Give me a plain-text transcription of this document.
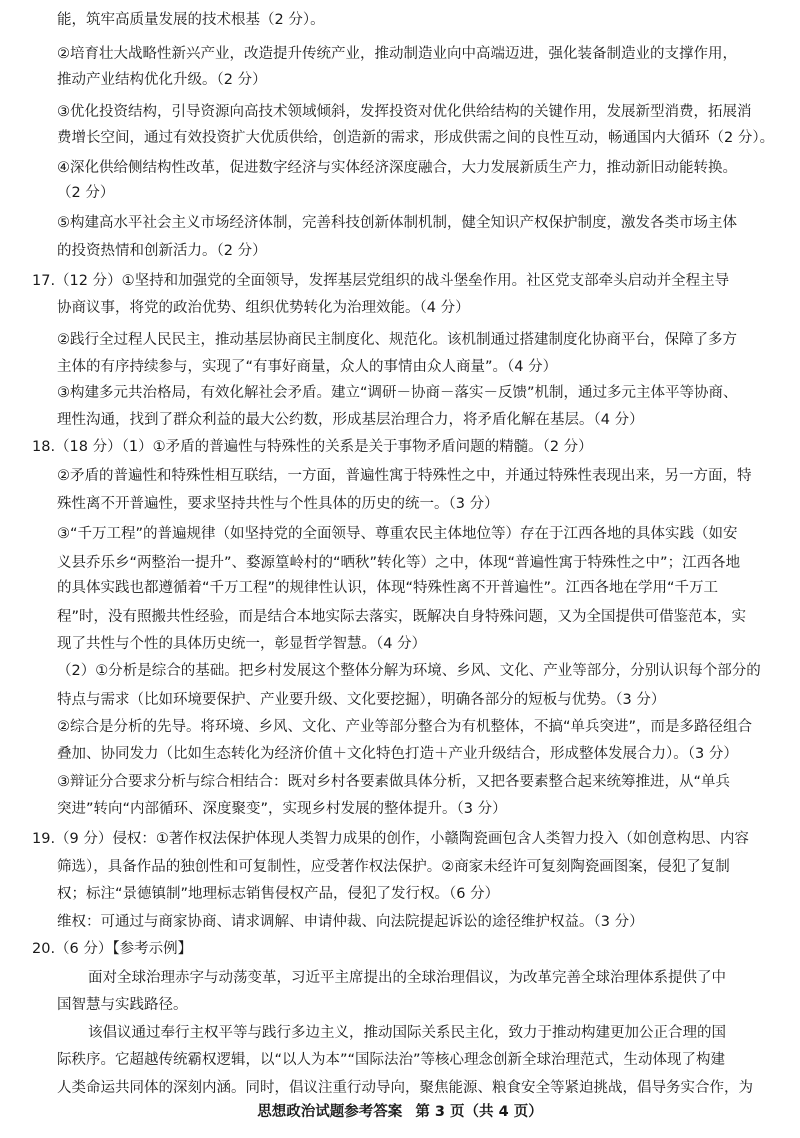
能，筑牢高质量发展的技术根基（2 分）。
②培育壮大战略性新兴产业，改造提升传统产业，推动制造业向中高端迈进，强化装备制造业的支撑作用，
推动产业结构优化升级。（2 分）
③优化投资结构，引导资源向高技术领域倾斜，发挥投资对优化供给结构的关键作用，发展新型消费，拓展消
费增长空间，通过有效投资扩大优质供给，创造新的需求，形成供需之间的良性互动，畅通国内大循环（2 分）。
④深化供给侧结构性改革，促进数字经济与实体经济深度融合，大力发展新质生产力，推动新旧动能转换。
（2 分）
⑤构建高水平社会主义市场经济体制，完善科技创新体制机制，健全知识产权保护制度，激发各类市场主体
的投资热情和创新活力。（2 分）
17.（12 分）①坚持和加强党的全面领导，发挥基层党组织的战斗堡垒作用。社区党支部牵头启动并全程主导
协商议事，将党的政治优势、组织优势转化为治理效能。（4 分）
②践行全过程人民民主，推动基层协商民主制度化、规范化。该机制通过搭建制度化协商平台，保障了多方
主体的有序持续参与，实现了“有事好商量，众人的事情由众人商量”。（4 分）
③构建多元共治格局，有效化解社会矛盾。建立“调研－协商－落实－反馈”机制，通过多元主体平等协商、
理性沟通，找到了群众利益的最大公约数，形成基层治理合力，将矛盾化解在基层。（4 分）
18.（18 分）（1）①矛盾的普遍性与特殊性的关系是关于事物矛盾问题的精髓。（2 分）
②矛盾的普遍性和特殊性相互联结，一方面，普遍性寓于特殊性之中，并通过特殊性表现出来，另一方面，特
殊性离不开普遍性，要求坚持共性与个性具体的历史的统一。（3 分）
③“千万工程”的普遍规律（如坚持党的全面领导、尊重农民主体地位等）存在于江西各地的具体实践（如安
义县乔乐乡“两整治一提升”、婺源篁岭村的“晒秋”转化等）之中，体现“普遍性寓于特殊性之中”；江西各地
的具体实践也都遵循着“千万工程”的规律性认识，体现“特殊性离不开普遍性”。江西各地在学用“千万工
程”时，没有照搬共性经验，而是结合本地实际去落实，既解决自身特殊问题，又为全国提供可借鉴范本，实
现了共性与个性的具体历史统一，彰显哲学智慧。（4 分）
（2）①分析是综合的基础。把乡村发展这个整体分解为环境、乡风、文化、产业等部分，分别认识每个部分的
特点与需求（比如环境要保护、产业要升级、文化要挖掘），明确各部分的短板与优势。（3 分）
②综合是分析的先导。将环境、乡风、文化、产业等部分整合为有机整体，不搞“单兵突进”，而是多路径组合
叠加、协同发力（比如生态转化为经济价值＋文化特色打造＋产业升级结合，形成整体发展合力）。（3 分）
③辩证分合要求分析与综合相结合：既对乡村各要素做具体分析，又把各要素整合起来统筹推进，从“单兵
突进”转向“内部循环、深度聚变”，实现乡村发展的整体提升。（3 分）
19.（9 分）侵权：①著作权法保护体现人类智力成果的创作，小赣陶瓷画包含人类智力投入（如创意构思、内容
筛选），具备作品的独创性和可复制性，应受著作权法保护。②商家未经许可复刻陶瓷画图案，侵犯了复制
权；标注“景德镇制”地理标志销售侵权产品，侵犯了发行权。（6 分）
维权：可通过与商家协商、请求调解、申请仲裁、向法院提起诉讼的途径维护权益。（3 分）
20.（6 分）【参考示例】
面对全球治理赤字与动荡变革，习近平主席提出的全球治理倡议，为改革完善全球治理体系提供了中
国智慧与实践路径。
该倡议通过奉行主权平等与践行多边主义，推动国际关系民主化，致力于推动构建更加公正合理的国
际秩序。它超越传统霸权逻辑，以“以人为本”“国际法治”等核心理念创新全球治理范式，生动体现了构建
人类命运共同体的深刻内涵。同时，倡议注重行动导向，聚焦能源、粮食安全等紧迫挑战，倡导务实合作，为
思想政治试题参考答案 第 3 页（共 4 页）
